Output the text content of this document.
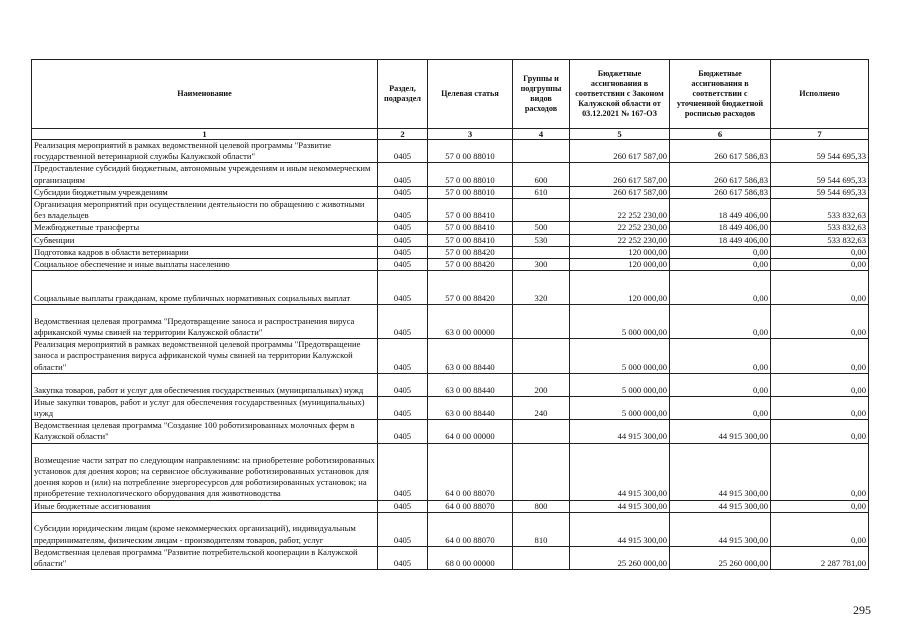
Наименование	Раздел, подраздел	Целевая статья	Группы и подгруппы видов расходов	Бюджетные ассигнования в соответствии с Законом Калужской области от 03.12.2021 № 167-ОЗ	Бюджетные ассигнования в соответствии с уточненной бюджетной росписью расходов	Исполнено
1	2	3	4	5	6	7
Реализация мероприятий в рамках ведомственной целевой программы "Развитие государственной ветеринарной службы Калужской области"	0405	57 0 00 88010		260 617 587,00	260 617 586,83	59 544 695,33
Предоставление субсидий бюджетным, автономным учреждениям и иным некоммерческим организациям	0405	57 0 00 88010	600	260 617 587,00	260 617 586,83	59 544 695,33
Субсидии бюджетным учреждениям	0405	57 0 00 88010	610	260 617 587,00	260 617 586,83	59 544 695,33
Организация мероприятий при осуществлении деятельности по обращению с животными без владельцев	0405	57 0 00 88410		22 252 230,00	18 449 406,00	533 832,63
Межбюджетные трансферты	0405	57 0 00 88410	500	22 252 230,00	18 449 406,00	533 832,63
Субвенции	0405	57 0 00 88410	530	22 252 230,00	18 449 406,00	533 832,63
Подготовка кадров в области ветеринарии	0405	57 0 00 88420		120 000,00	0,00	0,00
Социальное обеспечение и иные выплаты населению	0405	57 0 00 88420	300	120 000,00	0,00	0,00
Социальные выплаты гражданам, кроме публичных нормативных социальных выплат	0405	57 0 00 88420	320	120 000,00	0,00	0,00
Ведомственная целевая программа "Предотвращение заноса и распространения вируса африканской чумы свиней на территории Калужской области"	0405	63 0 00 00000		5 000 000,00	0,00	0,00
Реализация мероприятий в рамках ведомственной целевой программы "Предотвращение заноса и распространения вируса африканской чумы свиней на территории Калужской области"	0405	63 0 00 88440		5 000 000,00	0,00	0,00
Закупка товаров, работ и услуг для обеспечения государственных (муниципальных) нужд	0405	63 0 00 88440	200	5 000 000,00	0,00	0,00
Иные закупки товаров, работ и услуг для обеспечения государственных (муниципальных) нужд	0405	63 0 00 88440	240	5 000 000,00	0,00	0,00
Ведомственная целевая программа "Создание 100 роботизированных молочных ферм в Калужской области"	0405	64 0 00 00000		44 915 300,00	44 915 300,00	0,00
Возмещение части затрат по следующим направлениям: на приобретение роботизированных установок для доения коров; на сервисное обслуживание роботизированных установок для доения коров и (или) на потребление энергоресурсов для роботизированных установок; на приобретение технологического оборудования для животноводства	0405	64 0 00 88070		44 915 300,00	44 915 300,00	0,00
Иные бюджетные ассигнования	0405	64 0 00 88070	800	44 915 300,00	44 915 300,00	0,00
Субсидии юридическим лицам (кроме некоммерческих организаций), индивидуальным предпринимателям, физическим лицам - производителям товаров, работ, услуг	0405	64 0 00 88070	810	44 915 300,00	44 915 300,00	0,00
Ведомственная целевая программа "Развитие потребительской кооперации в Калужской области"	0405	68 0 00 00000		25 260 000,00	25 260 000,00	2 287 781,00
295
